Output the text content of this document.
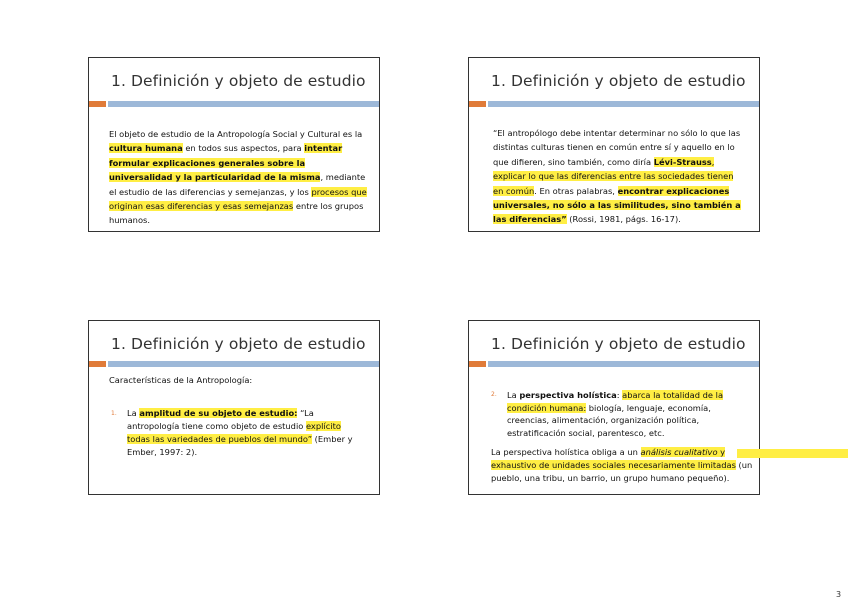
1. Definición y objeto de estudio
El objeto de estudio de la Antropología Social y Cultural es la cultura humana en todos sus aspectos, para intentar formular explicaciones generales sobre la universalidad y la particularidad de la misma, mediante el estudio de las diferencias y semejanzas, y los procesos que originan esas diferencias y esas semejanzas entre los grupos humanos.
1. Definición y objeto de estudio
“El antropólogo debe intentar determinar no sólo lo que las distintas culturas tienen en común entre sí y aquello en lo que difieren, sino también, como diría Lévi-Strauss, explicar lo que las diferencias entre las sociedades tienen en común. En otras palabras, encontrar explicaciones universales, no sólo a las similitudes, sino también a las diferencias” (Rossi, 1981, págs. 16-17).
1. Definición y objeto de estudio
Características de la Antropología:
1. La amplitud de su objeto de estudio: “La antropología tiene como objeto de estudio explícito todas las variedades de pueblos del mundo” (Ember y Ember, 1997: 2).
1. Definición y objeto de estudio
2. La perspectiva holística: abarca la totalidad de la condición humana: biología, lenguaje, economía, creencias, alimentación, organización política, estratificación social, parentesco, etc.
La perspectiva holística obliga a un análisis cualitativo y exhaustivo de unidades sociales necesariamente limitadas (un pueblo, una tribu, un barrio, un grupo humano pequeño).
3
